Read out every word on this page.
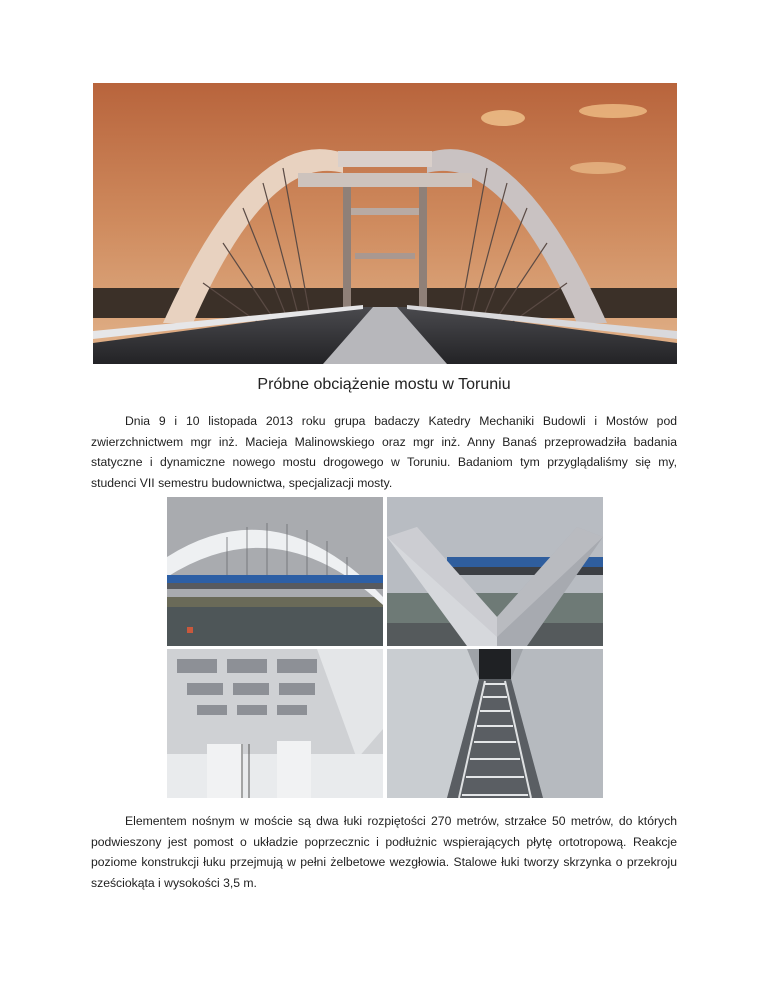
Próbne obciążenie mostu w Toruniu

Dnia 9 i 10 listopada 2013 roku grupa badaczy Katedry Mechaniki Budowli i Mostów pod zwierzchnictwem mgr inż. Macieja Malinowskiego oraz mgr inż. Anny Banaś przeprowadziła badania statyczne i dynamiczne nowego mostu drogowego w Toruniu. Badaniom tym przyglądaliśmy się my, studenci VII semestru budownictwa, specjalizacji mosty.

Elementem nośnym w moście są dwa łuki rozpiętości 270 metrów, strzałce 50 metrów, do których podwieszony jest pomost o układzie poprzecznic i podłużnic wspierających płytę ortotropową. Reakcje poziome konstrukcji łuku przejmują w pełni żelbetowe wezgłowia. Stalowe łuki tworzy skrzynka o przekroju sześciokąta i wysokości 3,5 m.
